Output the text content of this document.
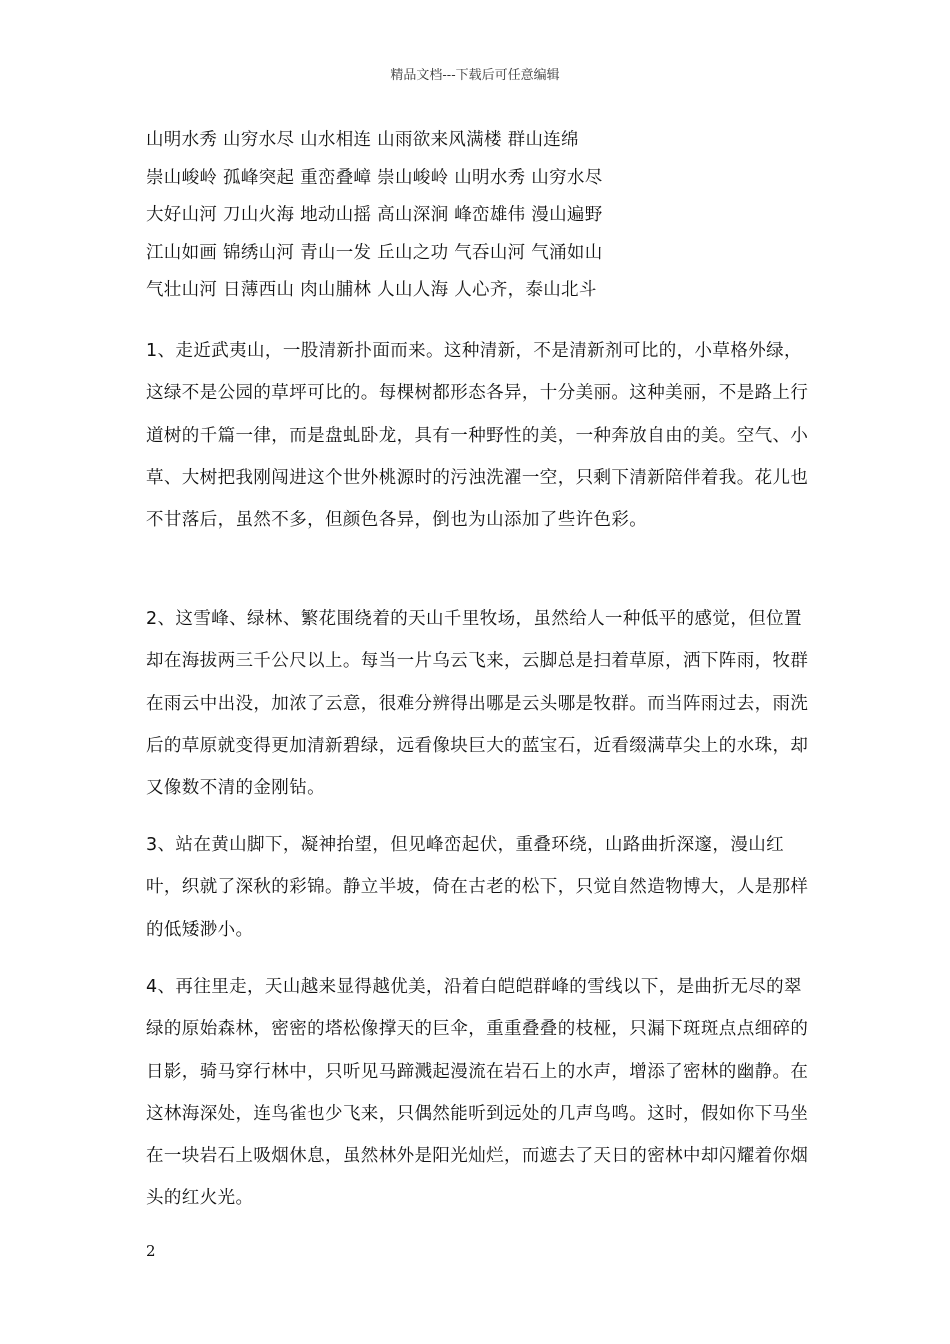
精品文档---下载后可任意编辑
山明水秀 山穷水尽 山水相连 山雨欲来风满楼 群山连绵
崇山峻岭 孤峰突起 重峦叠嶂 崇山峻岭 山明水秀 山穷水尽
大好山河 刀山火海 地动山摇 高山深涧 峰峦雄伟 漫山遍野
江山如画 锦绣山河 青山一发 丘山之功 气吞山河 气涌如山
气壮山河 日薄西山 肉山脯林 人山人海 人心齐，泰山北斗
1、走近武夷山，一股清新扑面而来。这种清新，不是清新剂可比的，小草格外绿，这绿不是公园的草坪可比的。每棵树都形态各异，十分美丽。这种美丽，不是路上行道树的千篇一律，而是盘虬卧龙，具有一种野性的美，一种奔放自由的美。空气、小草、大树把我刚闯进这个世外桃源时的污浊洗濯一空，只剩下清新陪伴着我。花儿也不甘落后，虽然不多，但颜色各异，倒也为山添加了些许色彩。
2、这雪峰、绿林、繁花围绕着的天山千里牧场，虽然给人一种低平的感觉，但位置却在海拔两三千公尺以上。每当一片乌云飞来，云脚总是扫着草原，洒下阵雨，牧群在雨云中出没，加浓了云意，很难分辨得出哪是云头哪是牧群。而当阵雨过去，雨洗后的草原就变得更加清新碧绿，远看像块巨大的蓝宝石，近看缀满草尖上的水珠，却又像数不清的金刚钻。
3、站在黄山脚下，凝神抬望，但见峰峦起伏，重叠环绕，山路曲折深邃，漫山红叶，织就了深秋的彩锦。静立半坡，倚在古老的松下，只觉自然造物博大，人是那样的低矮渺小。
4、再往里走，天山越来显得越优美，沿着白皑皑群峰的雪线以下，是曲折无尽的翠绿的原始森林，密密的塔松像撑天的巨伞，重重叠叠的枝桠，只漏下斑斑点点细碎的日影，骑马穿行林中，只听见马蹄溅起漫流在岩石上的水声，增添了密林的幽静。在这林海深处，连鸟雀也少飞来，只偶然能听到远处的几声鸟鸣。这时，假如你下马坐在一块岩石上吸烟休息，虽然林外是阳光灿烂，而遮去了天日的密林中却闪耀着你烟头的红火光。
2
